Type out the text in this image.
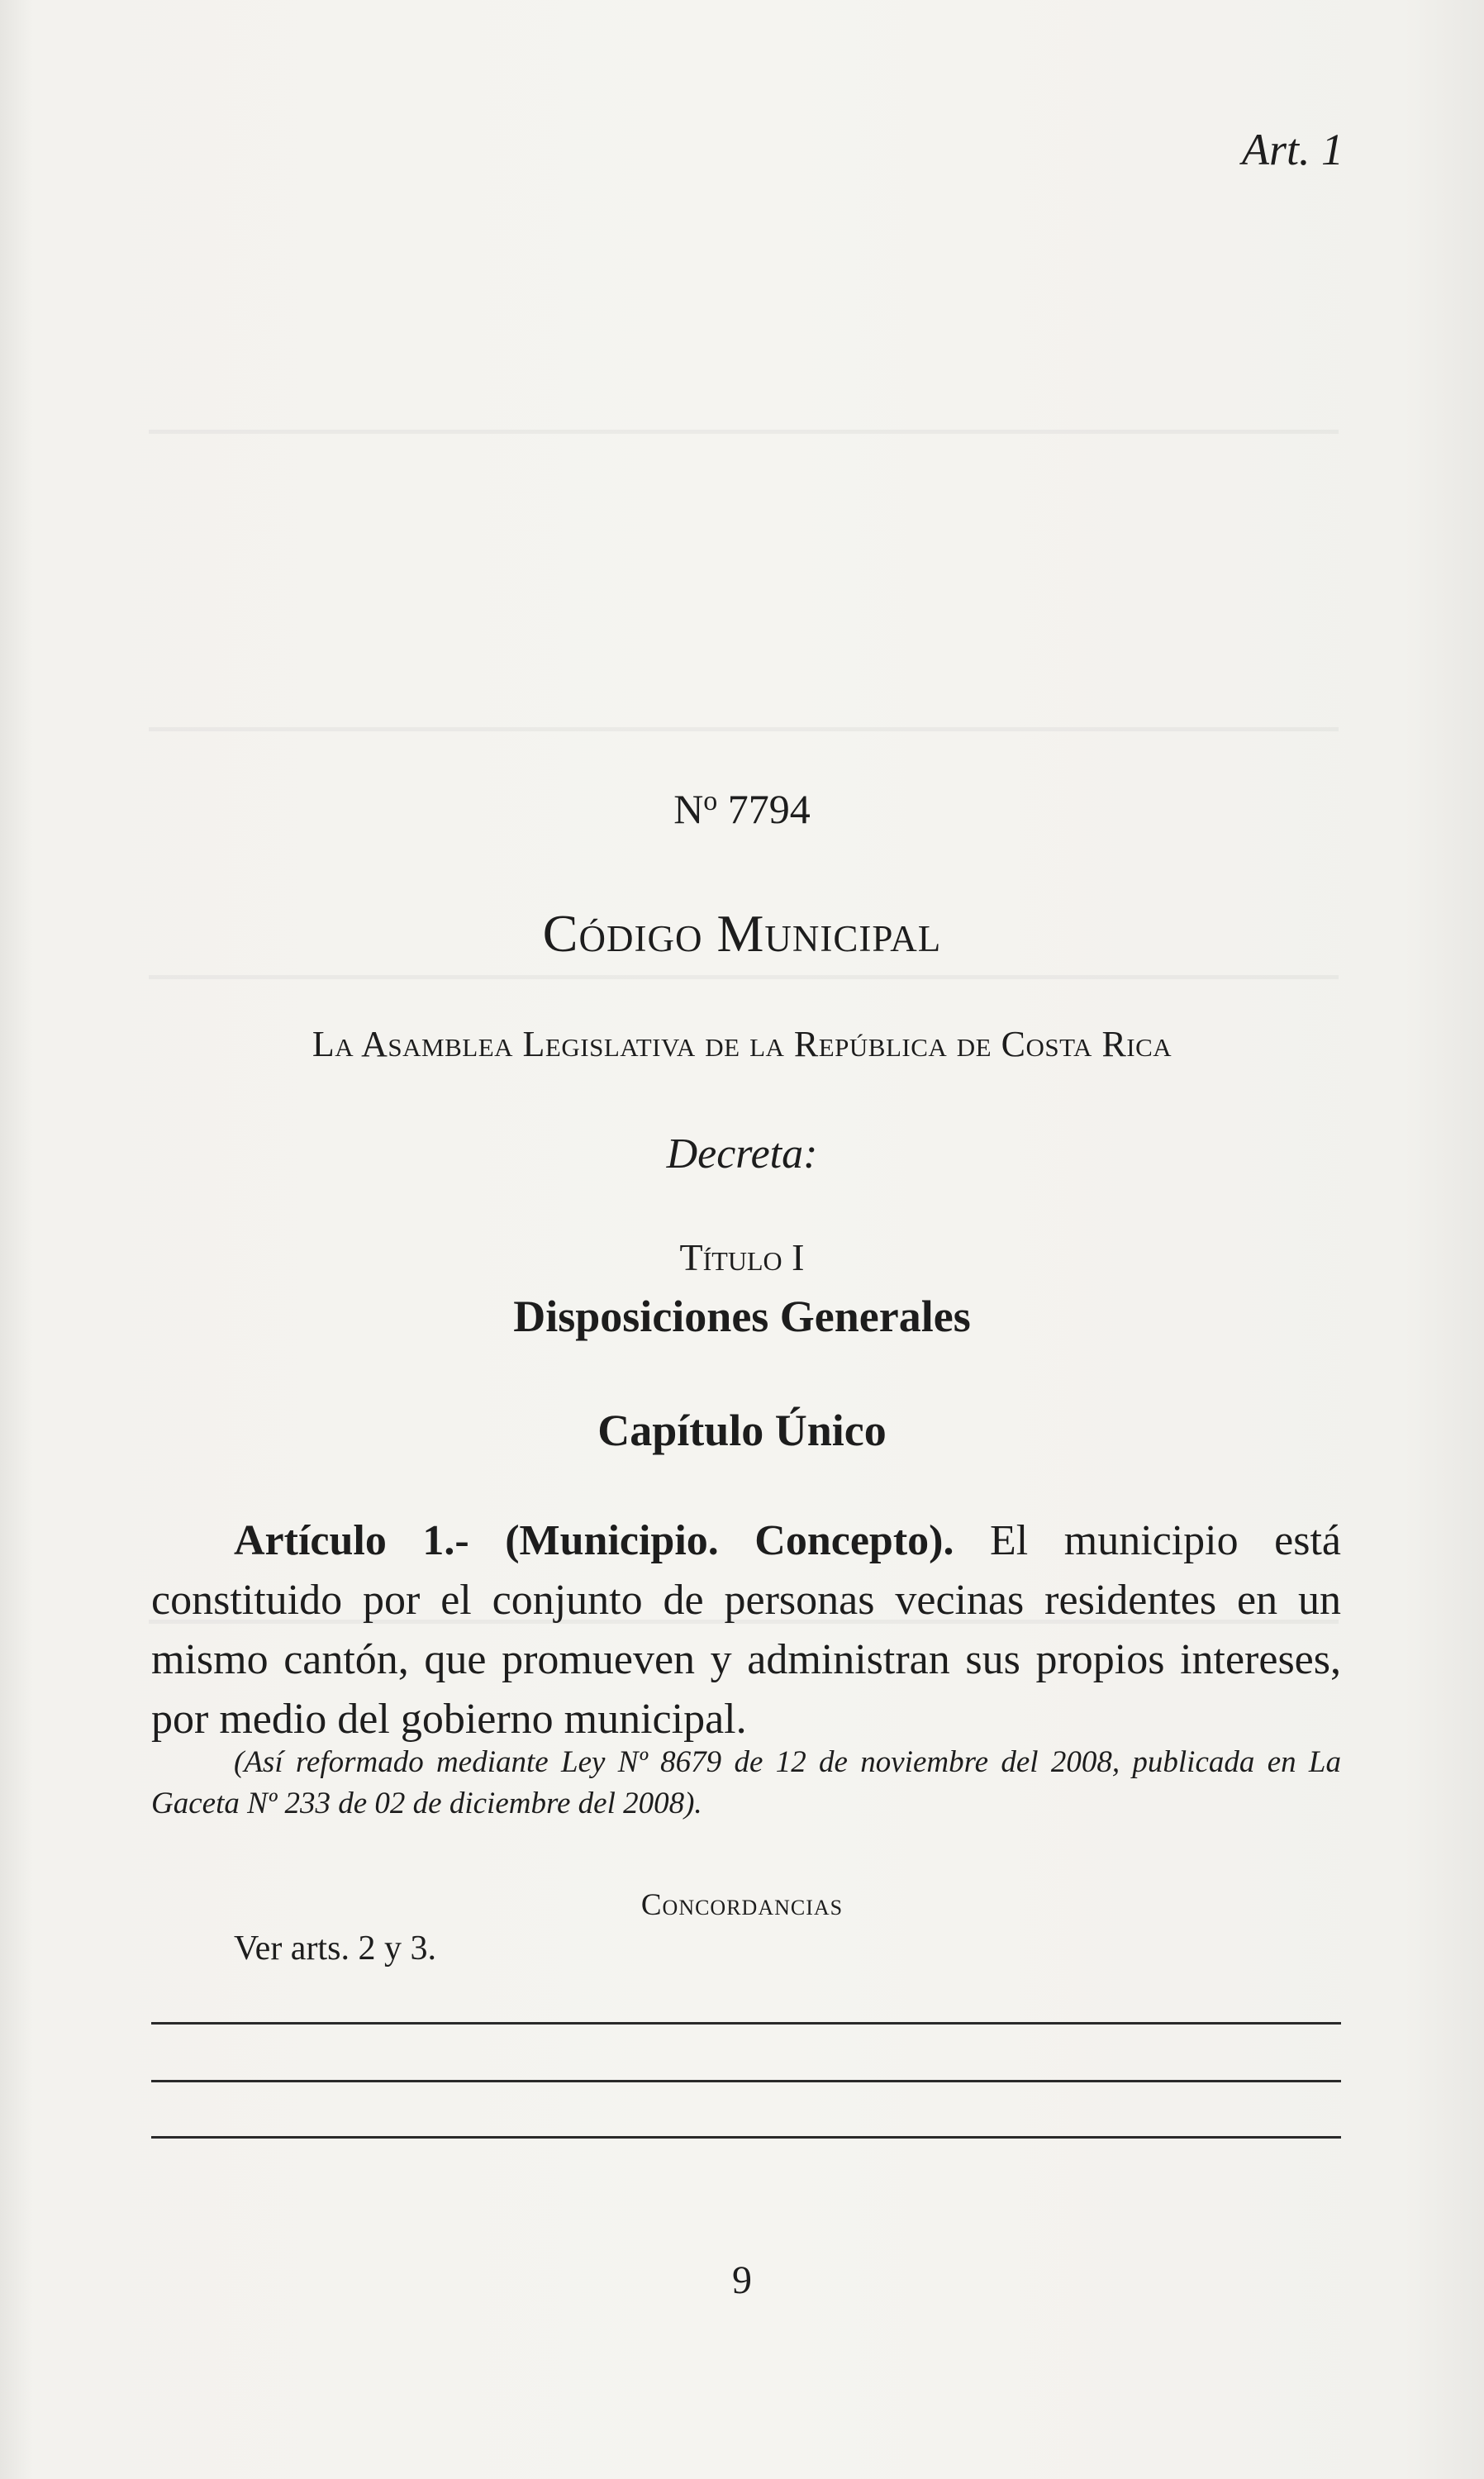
Art. 1

$N^o$ 7794

Código Municipal

La Asamblea Legislativa de la República de Costa Rica

Decreta:

Título I

Disposiciones Generales
Capítulo Único

Artículo 1.- (Municipio. Concepto). El municipio está constituido por el conjunto de personas vecinas residentes en un mismo cantón, que promueven y administran sus propios intereses, por medio del gobierno municipal.

(Así reformado mediante Ley Nº 8679 de 12 de noviembre del 2008, publicada en La Gaceta Nº 233 de 02 de diciembre del 2008).

Concordancias

Ver arts. 2 y 3.

9
